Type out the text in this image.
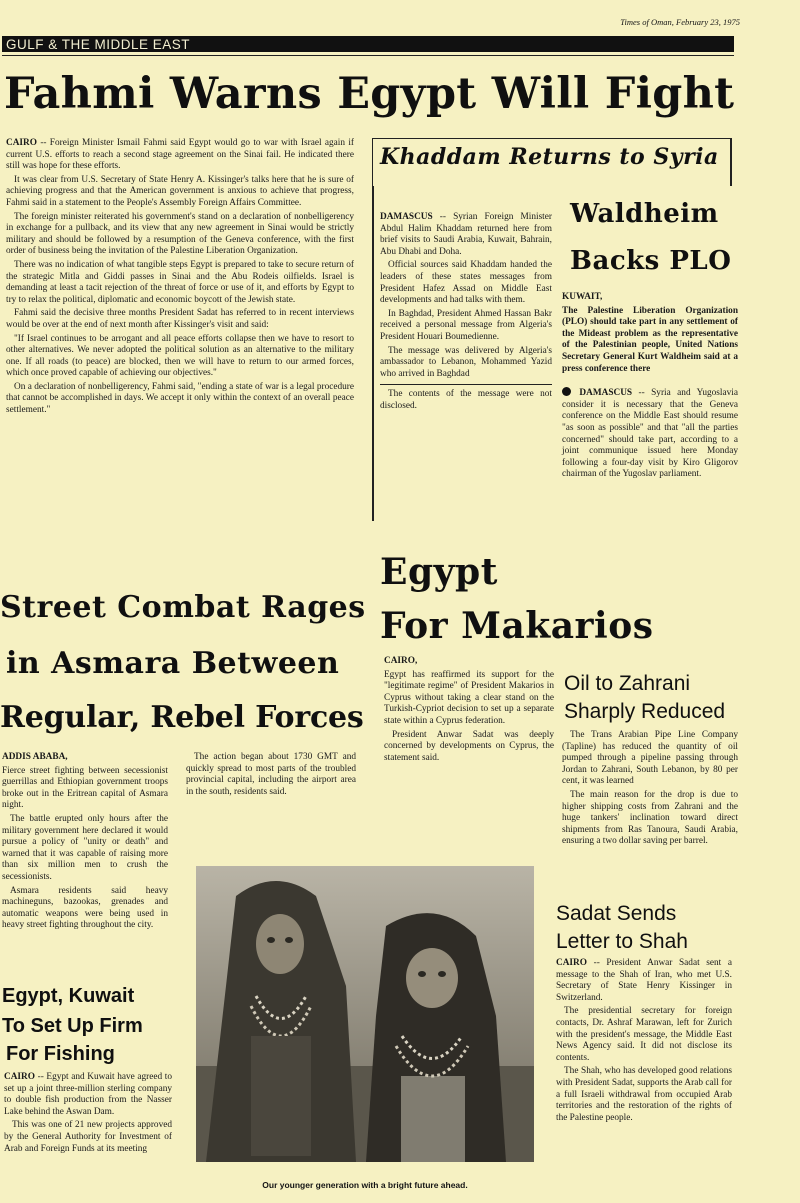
Times of Oman, February 23, 1975
GULF & THE MIDDLE EAST
Fahmi Warns Egypt Will Fight

CAIRO -- Foreign Minister Ismail Fahmi said Egypt would go to war with Israel again if current U.S. efforts to reach a second stage agreement on the Sinai fail. He indicated there still was hope for these efforts.

It was clear from U.S. Secretary of State Henry A. Kissinger's talks here that he is sure of achieving progress and that the American government is anxious to achieve that progress, Fahmi said in a statement to the People's Assembly Foreign Affairs Committee.

The foreign minister reiterated his government's stand on a declaration of nonbelligerency in exchange for a pullback, and its view that any new agreement in Sinai would be strictly military and should be followed by a resumption of the Geneva conference, with the first order of business being the invitation of the Palestine Liberation Organization.

There was no indication of what tangible steps Egypt is prepared to take to secure return of the strategic Mitla and Giddi passes in Sinai and the Abu Rodeis oilfields. Israel is demanding at least a tacit rejection of the threat of force or use of it, and efforts by Egypt to try to relax the political, diplomatic and economic boycott of the Jewish state.

Fahmi said the decisive three months President Sadat has referred to in recent interviews would be over at the end of next month after Kissinger's visit and said:

"If Israel continues to be arrogant and all peace efforts collapse then we have to resort to other alternatives. We never adopted the political solution as an alternative to the military one. If all roads (to peace) are blocked, then we will have to return to our armed forces, which once proved capable of achieving our objectives."

On a declaration of nonbelligerency, Fahmi said, "ending a state of war is a legal procedure that cannot be accomplished in days. We accept it only within the context of an overall peace settlement."

Khaddam Returns to Syria

DAMASCUS -- Syrian Foreign Minister Abdul Halim Khaddam returned here from brief visits to Saudi Arabia, Kuwait, Bahrain, Abu Dhabi and Doha.

Official sources said Khaddam handed the leaders of these states messages from President Hafez Assad on Middle East developments and had talks with them.

In Baghdad, President Ahmed Hassan Bakr received a personal message from Algeria's President Houari Boumedienne.

The message was delivered by Algeria's ambassador to Lebanon, Mohammed Yazid who arrived in Baghdad

The contents of the message were not disclosed.

Waldheim
Backs PLO

KUWAIT,

The Palestine Liberation Organization (PLO) should take part in any settlement of the Mideast problem as the representative of the Palestinian people, United Nations Secretary General Kurt Waldheim said at a press conference there

DAMASCUS -- Syria and Yugoslavia consider it is necessary that the Geneva conference on the Middle East should resume "as soon as possible" and that "all the parties concerned" should take part, according to a joint communique issued here Monday following a four-day visit by Kiro Gligorov chairman of the Yugoslav parliament.

Street Combat Rages
in Asmara Between
Regular, Rebel Forces

ADDIS ABABA,

Fierce street fighting between secessionist guerrillas and Ethiopian government troops broke out in the Eritrean capital of Asmara night.

The battle erupted only hours after the military government here declared it would pursue a policy of "unity or death" and warned that it was capable of raising more than six million men to crush the secessionists.

Asmara residents said heavy machineguns, bazookas, grenades and automatic weapons were being used in heavy street fighting throughout the city.

The action began about 1730 GMT and quickly spread to most parts of the troubled provincial capital, including the airport area in the south, residents said.

Egypt
For Makarios

CAIRO,

Egypt has reaffirmed its support for the "legitimate regime" of President Makarios in Cyprus without taking a clear stand on the Turkish-Cypriot decision to set up a separate state within a Cyprus federation.

President Anwar Sadat was deeply concerned by developments on Cyprus, the statement said.

Oil to Zahrani
Sharply Reduced

The Trans Arabian Pipe Line Company (Tapline) has reduced the quantity of oil pumped through a pipeline passing through Jordan to Zahrani, South Lebanon, by 80 per cent, it was learned

The main reason for the drop is due to higher shipping costs from Zahrani and the huge tankers' inclination toward direct shipments from Ras Tanoura, Saudi Arabia, ensuring a two dollar saving per barrel.

Egypt, Kuwait
To Set Up Firm
For Fishing

CAIRO -- Egypt and Kuwait have agreed to set up a joint three-million sterling company to double fish production from the Nasser Lake behind the Aswan Dam.

This was one of 21 new projects approved by the General Authority for Investment of Arab and Foreign Funds at its meeting

Our younger generation with a bright future ahead.
Sadat Sends
Letter to Shah

CAIRO -- President Anwar Sadat sent a message to the Shah of Iran, who met U.S. Secretary of State Henry Kissinger in Switzerland.

The presidential secretary for foreign contacts, Dr. Ashraf Marawan, left for Zurich with the president's message, the Middle East News Agency said. It did not disclose its contents.

The Shah, who has developed good relations with President Sadat, supports the Arab call for a full Israeli withdrawal from occupied Arab territories and the restoration of the rights of the Palestine people.
